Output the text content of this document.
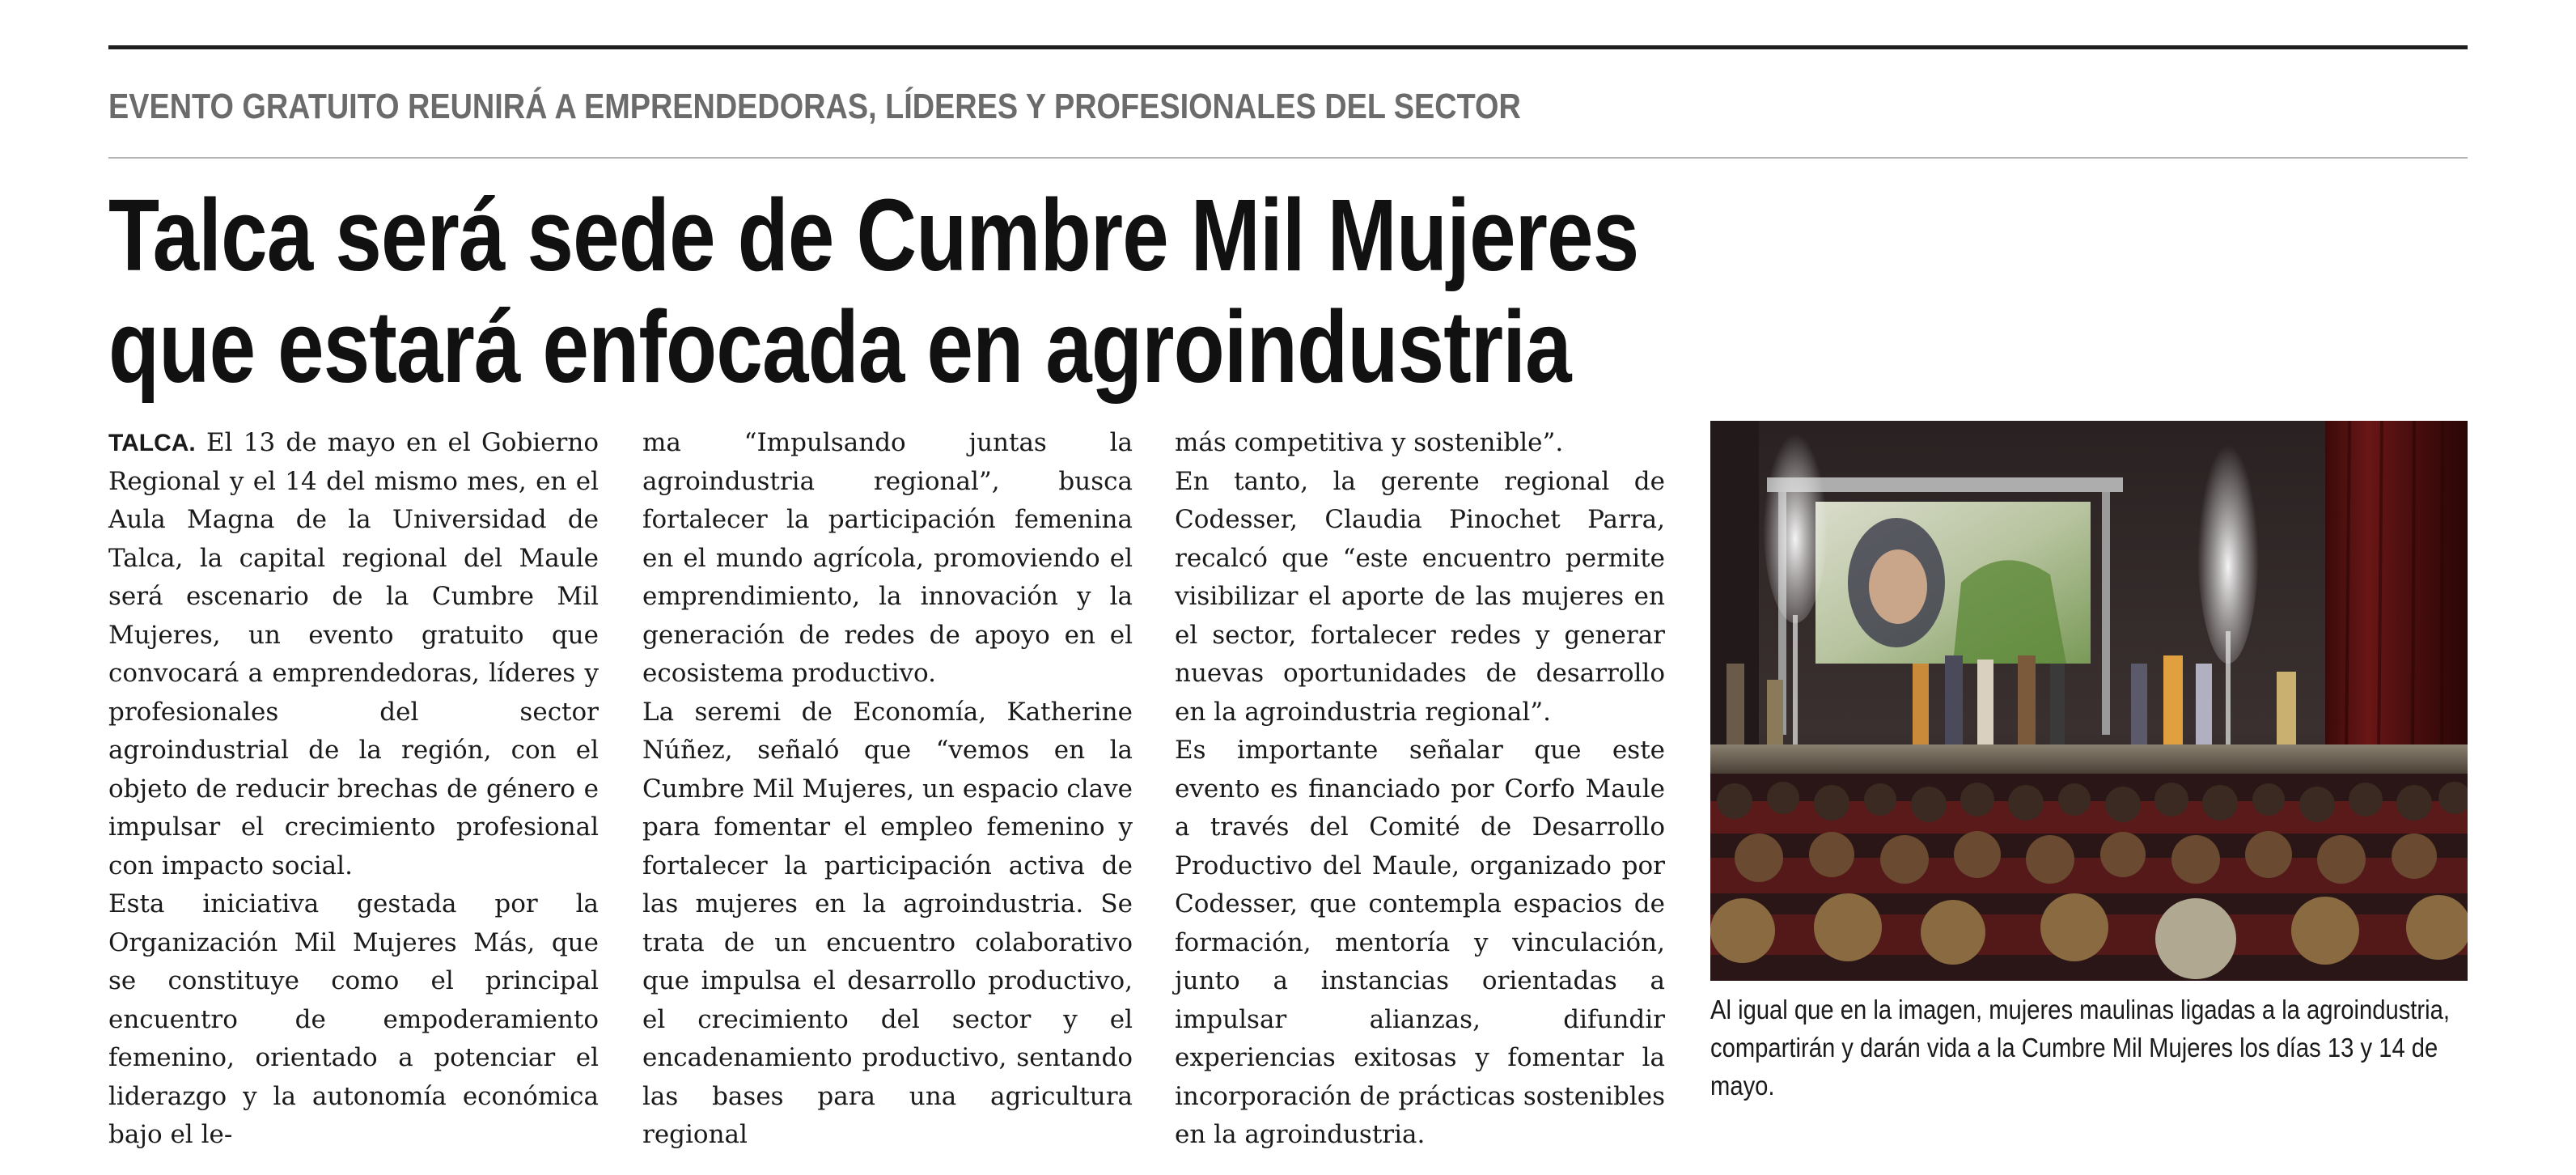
EVENTO GRATUITO REUNIRÁ A EMPRENDEDORAS, LÍDERES Y PROFESIONALES DEL SECTOR
Talca será sede de Cumbre Mil Mujeres
que estará enfocada en agroindustria

TALCA. El 13 de mayo en el Gobierno Regional y el 14 del mismo mes, en el Aula Magna de la Universidad de Talca, la capital regional del Maule será escenario de la Cumbre Mil Mujeres, un evento gratuito que convocará a emprendedoras, líderes y profesionales del sector agroindustrial de la región, con el objeto de reducir brechas de género e impulsar el crecimiento profesional con impacto social.

Esta iniciativa gestada por la Organización Mil Mujeres Más, que se constituye como el principal encuentro de empoderamiento femenino, orientado a potenciar el liderazgo y la autonomía económica bajo el le-

ma “Impulsando juntas la agroindustria regional”, busca fortalecer la participación femenina en el mundo agrícola, promoviendo el emprendimiento, la innovación y la generación de redes de apoyo en el ecosistema productivo.

La seremi de Economía, Katherine Núñez, señaló que “vemos en la Cumbre Mil Mujeres, un espacio clave para fomentar el empleo femenino y fortalecer la participación activa de las mujeres en la agroindustria. Se trata de un encuentro colaborativo que impulsa el desarrollo productivo, el crecimiento del sector y el encadenamiento productivo, sentando las bases para una agricultura regional

más competitiva y sostenible”.

En tanto, la gerente regional de Codesser, Claudia Pinochet Parra, recalcó que “este encuentro permite visibilizar el aporte de las mujeres en el sector, fortalecer redes y generar nuevas oportunidades de desarrollo en la agroindustria regional”.

Es importante señalar que este evento es financiado por Corfo Maule a través del Comité de Desarrollo Productivo del Maule, organizado por Codesser, que contempla espacios de formación, mentoría y vinculación, junto a instancias orientadas a impulsar alianzas, difundir experiencias exitosas y fomentar la incorporación de prácticas sostenibles en la agroindustria.

Al igual que en la imagen, mujeres maulinas ligadas a la agroindustria, compartirán y darán vida a la Cumbre Mil Mujeres los días 13 y 14 de mayo.
